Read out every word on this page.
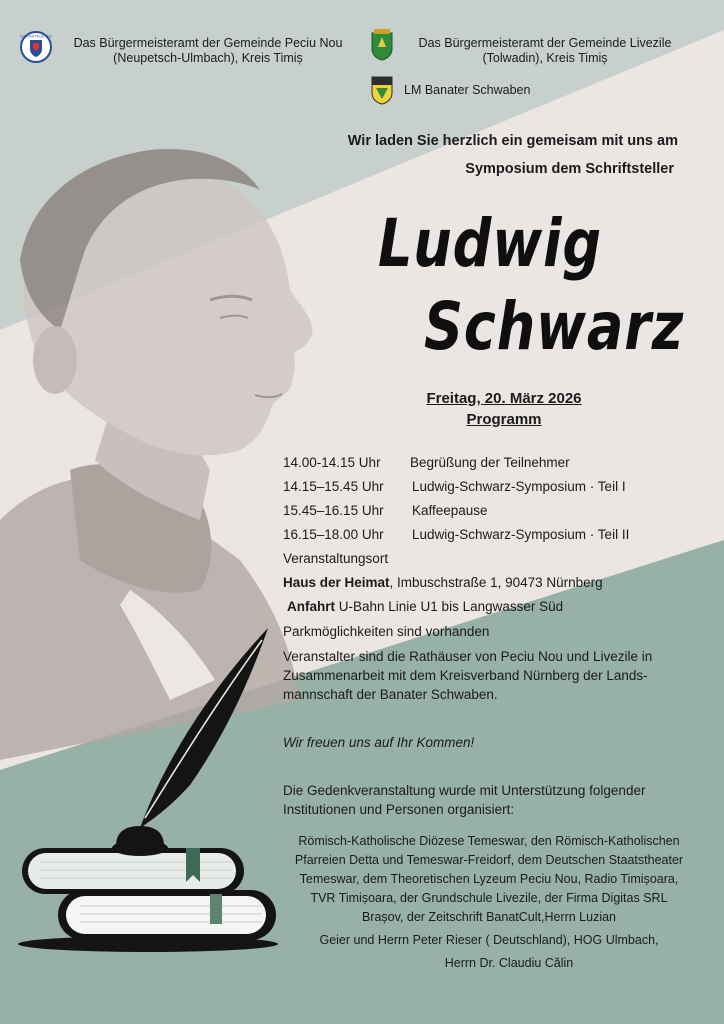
COMUNA PECIU NOU	Das Bürgermeisteramt der Gemeinde Peciu Nou (Neupetsch-Ulmbach), Kreis Timiș
Das Bürgermeisteramt der Gemeinde Livezile (Tolwadin), Kreis Timiș
LM Banater Schwaben
Wir laden Sie herzlich ein gemeisam mit uns am
Symposium dem Schriftsteller
Ludwig
Schwarz
Freitag, 20. März 2026
Programm
14.00-14.15 Uhr Begrüßung der Teilnehmer
14.15–15.45 Uhr Ludwig-Schwarz-Symposium · Teil I
15.45–16.15 Uhr Kaffeepause
16.15–18.00 Uhr Ludwig-Schwarz-Symposium · Teil II
Veranstaltungsort
Haus der Heimat, Imbuschstraße 1, 90473 Nürnberg
Anfahrt U-Bahn Linie U1 bis Langwasser Süd
Parkmöglichkeiten sind vorhanden
Veranstalter sind die Rathäuser von Peciu Nou und Livezile in
Zusammenarbeit mit dem Kreisverband Nürnberg der Lands-
mannschaft der Banater Schwaben.
Wir freuen uns auf Ihr Kommen!
Die Gedenkveranstaltung wurde mit Unterstützung folgender
Institutionen und Personen organisiert:
Römisch-Katholische Diözese Temeswar, den Römisch-Katholischen
Pfarreien Detta und Temeswar-Freidorf, dem Deutschen Staatstheater
Temeswar, dem Theoretischen Lyzeum Peciu Nou, Radio Timișoara,
TVR Timișoara, der Grundschule Livezile, der Firma Digitas SRL
Brașov, der Zeitschrift BanatCult,Herrn Luzian
Geier und Herrn Peter Rieser ( Deutschland), HOG Ulmbach,
Herrn Dr. Claudiu Călin
